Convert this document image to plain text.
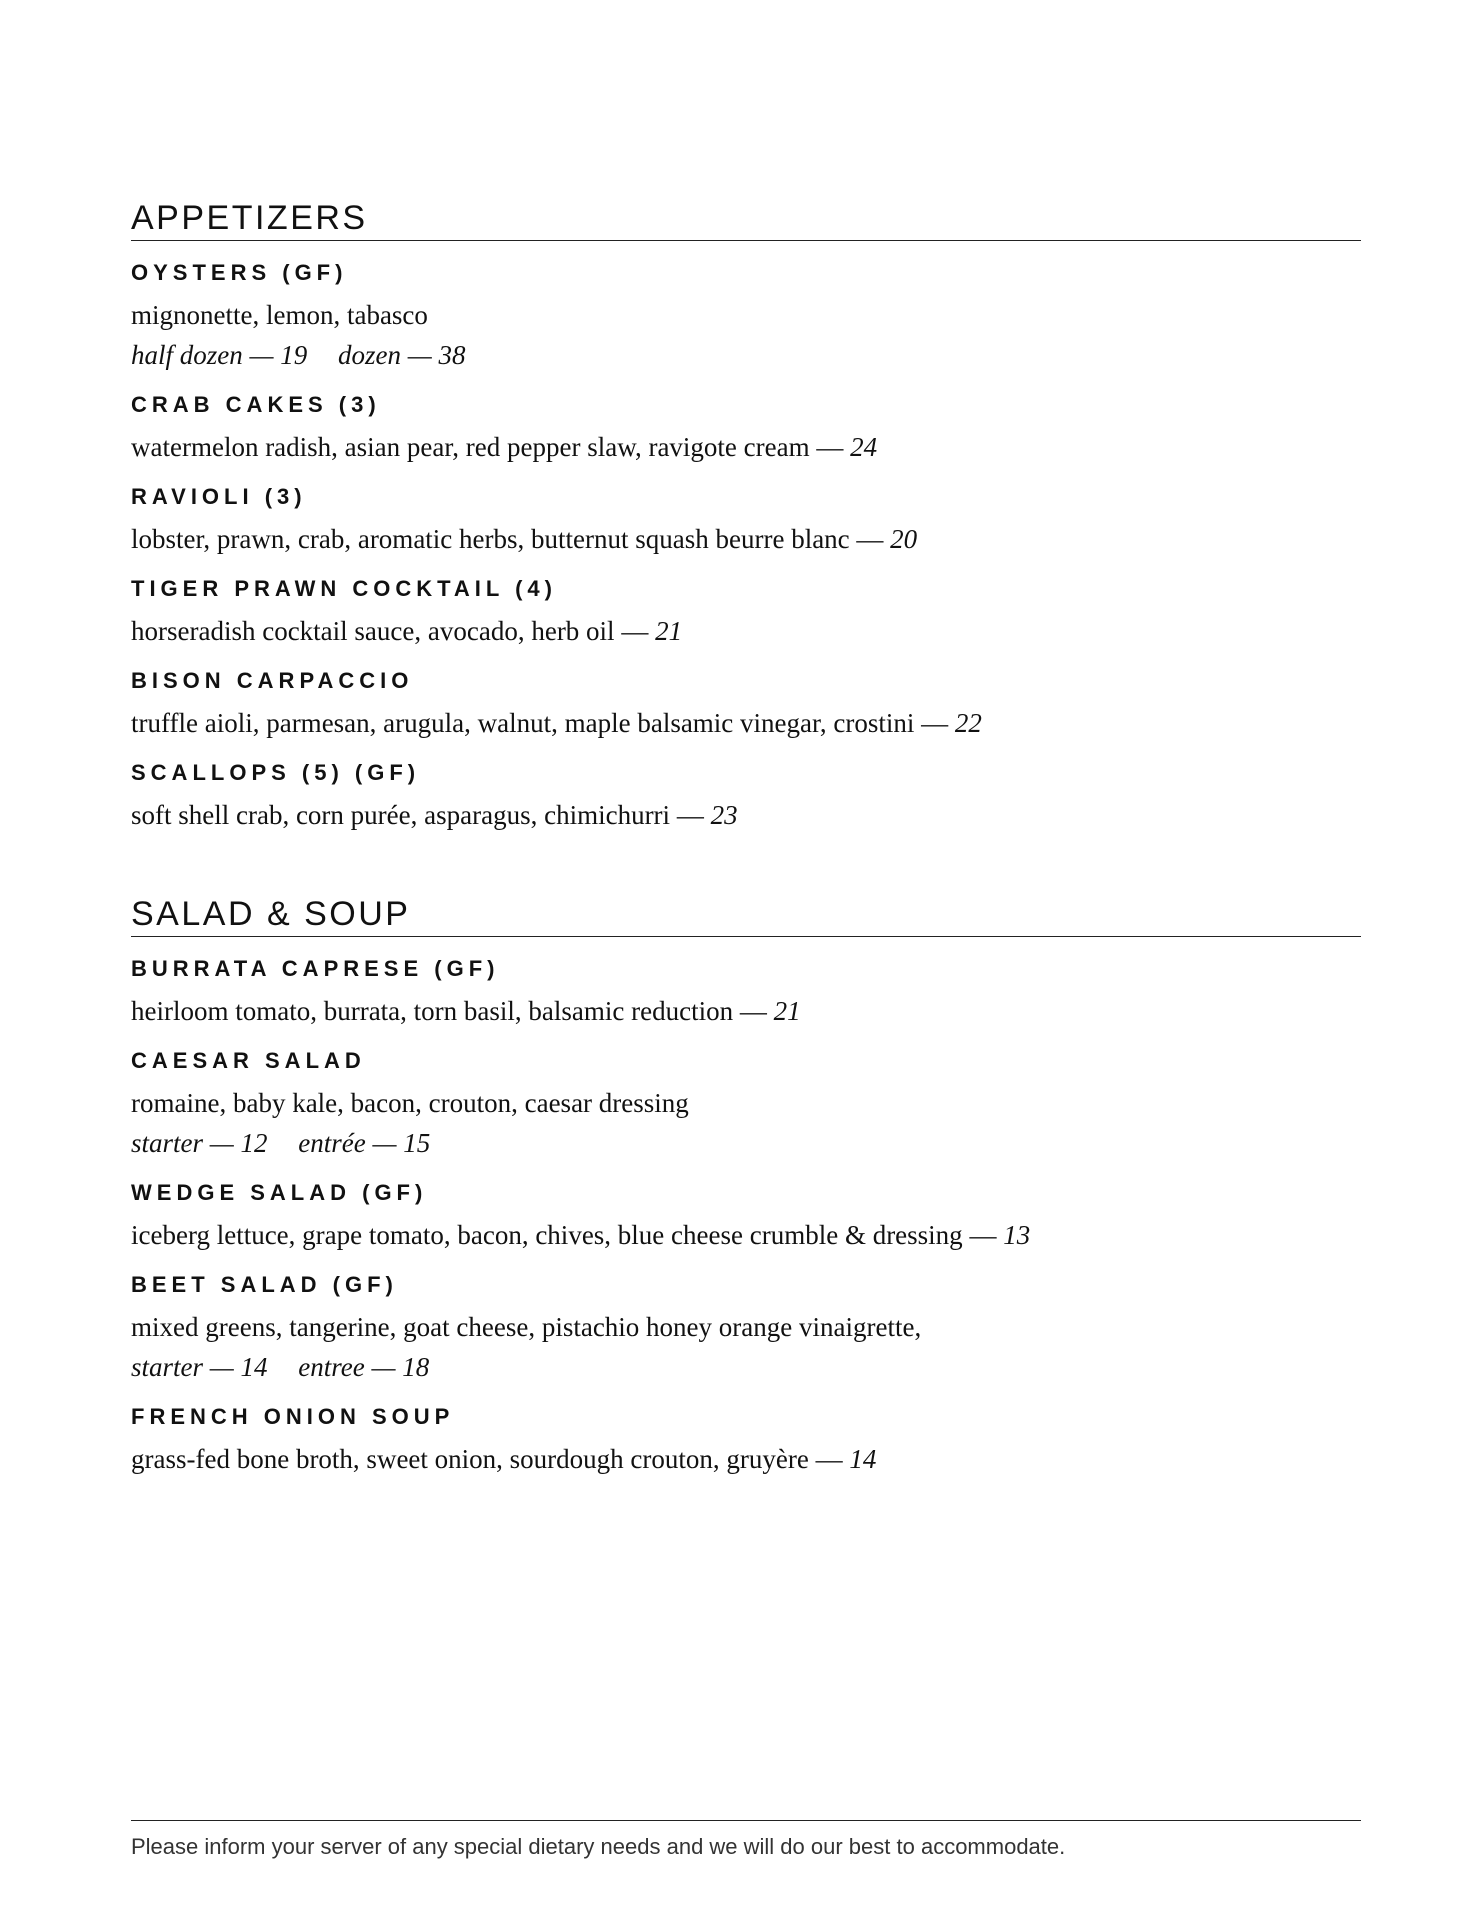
APPETIZERS
OYSTERS (GF)
mignonette, lemon, tabasco
half dozen — 19 dozen — 38
CRAB CAKES (3)
watermelon radish, asian pear, red pepper slaw, ravigote cream — 24
RAVIOLI (3)
lobster, prawn, crab, aromatic herbs, butternut squash beurre blanc — 20
TIGER PRAWN COCKTAIL (4)
horseradish cocktail sauce, avocado, herb oil — 21
BISON CARPACCIO
truffle aioli, parmesan, arugula, walnut, maple balsamic vinegar, crostini — 22
SCALLOPS (5) (GF)
soft shell crab, corn purée, asparagus, chimichurri — 23
SALAD & SOUP
BURRATA CAPRESE (GF)
heirloom tomato, burrata, torn basil, balsamic reduction — 21
CAESAR SALAD
romaine, baby kale, bacon, crouton, caesar dressing
starter — 12 entrée — 15
WEDGE SALAD (GF)
iceberg lettuce, grape tomato, bacon, chives, blue cheese crumble & dressing — 13
BEET SALAD (GF)
mixed greens, tangerine, goat cheese, pistachio honey orange vinaigrette,
starter — 14 entree — 18
FRENCH ONION SOUP
grass-fed bone broth, sweet onion, sourdough crouton, gruyère — 14
Please inform your server of any special dietary needs and we will do our best to accommodate.
